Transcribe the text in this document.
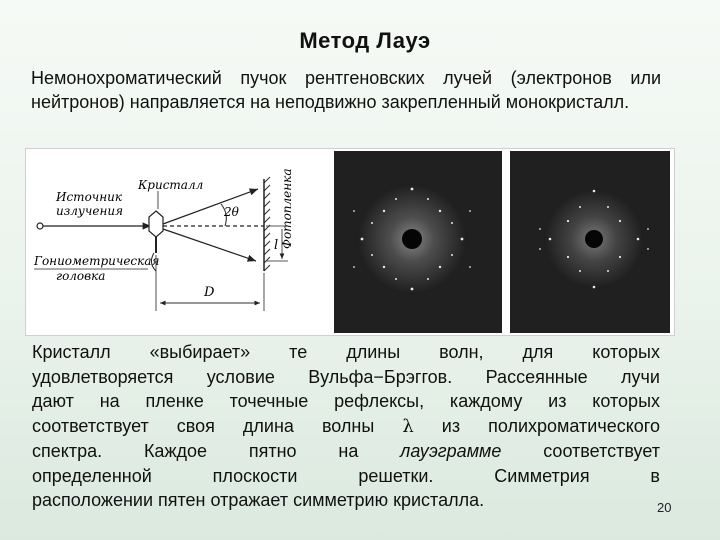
Метод Лауэ
Немонохроматический пучок рентгеновских лучей (электронов или нейтронов) направляется на неподвижно закрепленный монокристалл.
Источник
излучения
Кристалл
2θ	Фотопленка
l
Гониометрическая
головка
D
Кристалл «выбирает» те длины волн, для которых
удовлетворяется условие Вульфа−Брэггов. Рассеянные лучи
дают на пленке точечные рефлексы, каждому из которых
соответствует своя длина волны λ из полихроматического
спектра. Каждое пятно на лауэграмме соответствует
определенной плоскости решетки. Симметрия в
расположении пятен отражает симметрию кристалла.	20
